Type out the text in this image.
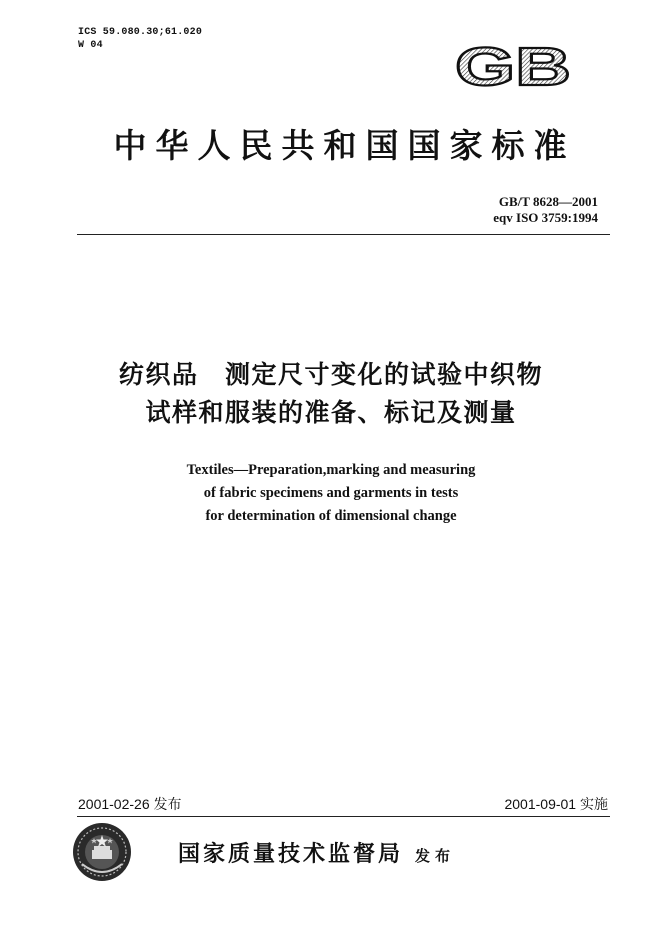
ICS 59.080.30;61.020
W 04	GB
中华人民共和国国家标准
GB/T 8628—2001
eqv ISO 3759:1994
纺织品　测定尺寸变化的试验中织物
试样和服装的准备、标记及测量
Textiles—Preparation,marking and measuring
of fabric specimens and garments in tests
for determination of dimensional change
2001-02-26 发布	2001-09-01 实施
国家质量技术监督局 发布
